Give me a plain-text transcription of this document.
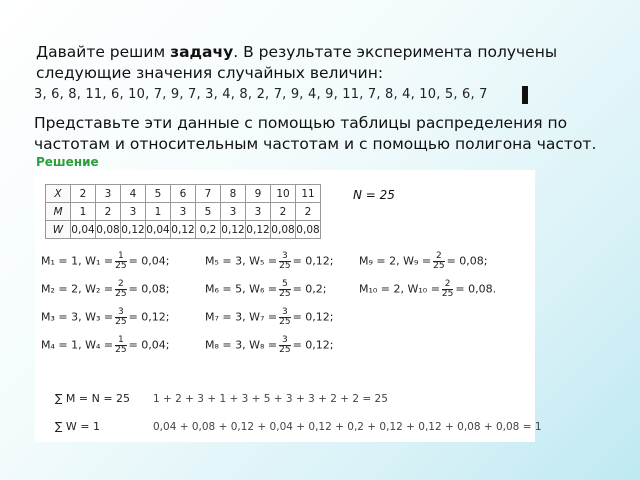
Давайте решим задачу. В результате эксперимента получены следующие значения случайных величин:
3, 6, 8, 11, 6, 10, 7, 9, 7, 3, 4, 8, 2, 7, 9, 4, 9, 11, 7, 8, 4, 10, 5, 6, 7
Представьте эти данные с помощью таблицы распределения по частотам и относительным частотам и с помощью полигона частот.
Решение
X	2	3	4	5	6	7	8	9	10	11
M	1	2	3	1	3	5	3	3	2	2
W	0,04	0,08	0,12	0,04	0,12	0,2	0,12	0,12	0,08	0,08
N = 25
M₁ = 1, $W_1 = \frac{1}{25} = 0,04$;
M₂ = 2, $W_2 = \frac{2}{25} = 0,08$;
M₃ = 3, $W_3 = \frac{3}{25} = 0,12$;
M₄ = 1, $W_4 = \frac{1}{25} = 0,04$;
M₅ = 3, $W_5 = \frac{3}{25} = 0,12$;
M₆ = 5, $W_6 = \frac{5}{25} = 0,2$;
M₇ = 3, $W_7 = \frac{3}{25} = 0,12$;
M₈ = 3, $W_8 = \frac{3}{25} = 0,12$;
M₉ = 2, $W_9 = \frac{2}{25} = 0,08$;
M₁₀ = 2, $W_{10} = \frac{2}{25} = 0,08$.
∑ M = N = 25 1 + 2 + 3 + 1 + 3 + 5 + 3 + 3 + 2 + 2 = 25
∑ W = 1	0,04 + 0,08 + 0,12 + 0,04 + 0,12 + 0,2 + 0,12 + 0,12 + 0,08 + 0,08 = 1
